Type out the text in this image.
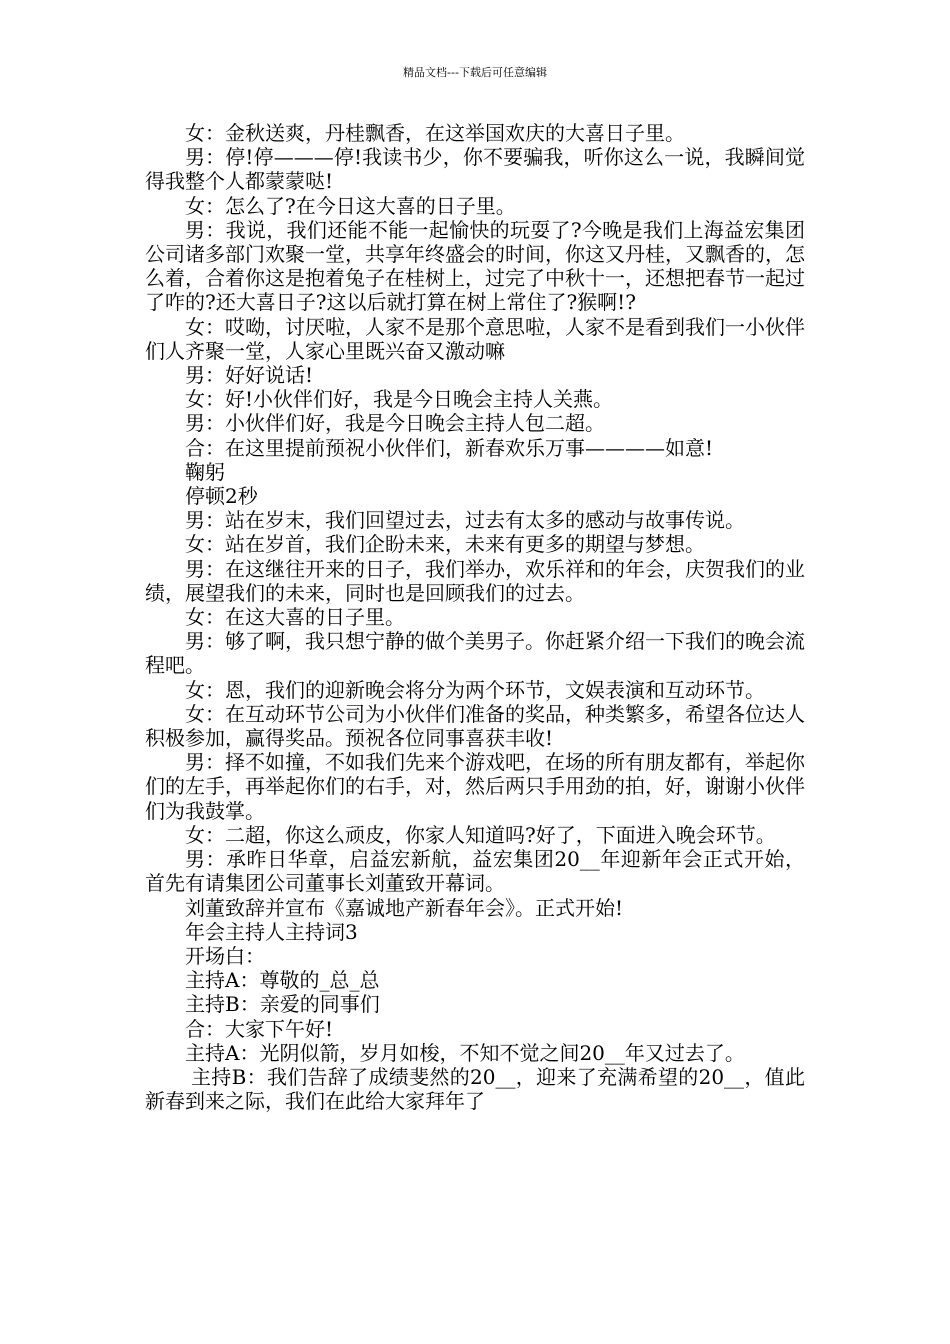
精品文档---下载后可任意编辑

女：金秋送爽，丹桂飘香，在这举国欢庆的大喜日子里。

男：停!停———停!我读书少，你不要骗我，听你这么一说，我瞬间觉得我整个人都蒙蒙哒!

女：怎么了?在今日这大喜的日子里。

男：我说，我们还能不能一起愉快的玩耍了?今晚是我们上海益宏集团公司诸多部门欢聚一堂，共享年终盛会的时间，你这又丹桂，又飘香的，怎么着，合着你这是抱着兔子在桂树上，过完了中秋十一，还想把春节一起过了咋的?还大喜日子?这以后就打算在树上常住了?猴啊!?

女：哎呦，讨厌啦，人家不是那个意思啦，人家不是看到我们一小伙伴们人齐聚一堂，人家心里既兴奋又激动嘛

男：好好说话!

女：好!小伙伴们好，我是今日晚会主持人关燕。

男：小伙伴们好，我是今日晚会主持人包二超。

合：在这里提前预祝小伙伴们，新春欢乐万事————如意!

鞠躬

停顿2秒

男：站在岁末，我们回望过去，过去有太多的感动与故事传说。

女：站在岁首，我们企盼未来，未来有更多的期望与梦想。

男：在这继往开来的日子，我们举办，欢乐祥和的年会，庆贺我们的业绩，展望我们的未来，同时也是回顾我们的过去。

女：在这大喜的日子里。

男：够了啊，我只想宁静的做个美男子。你赶紧介绍一下我们的晚会流程吧。

女：恩，我们的迎新晚会将分为两个环节，文娱表演和互动环节。

女：在互动环节公司为小伙伴们准备的奖品，种类繁多，希望各位达人积极参加，赢得奖品。预祝各位同事喜获丰收!

男：择不如撞，不如我们先来个游戏吧，在场的所有朋友都有，举起你们的左手，再举起你们的右手，对，然后两只手用劲的拍，好，谢谢小伙伴们为我鼓掌。

女：二超，你这么顽皮，你家人知道吗?好了，下面进入晚会环节。

男：承昨日华章，启益宏新航，益宏集团20__年迎新年会正式开始，首先有请集团公司董事长刘董致开幕词。

刘董致辞并宣布《嘉诚地产新春年会》。正式开始!

年会主持人主持词3

开场白：

主持A：尊敬的_总_总

主持B：亲爱的同事们

合：大家下午好!

主持A：光阴似箭，岁月如梭，不知不觉之间20__年又过去了。

主持B：我们告辞了成绩斐然的20__，迎来了充满希望的20__，值此新春到来之际，我们在此给大家拜年了
